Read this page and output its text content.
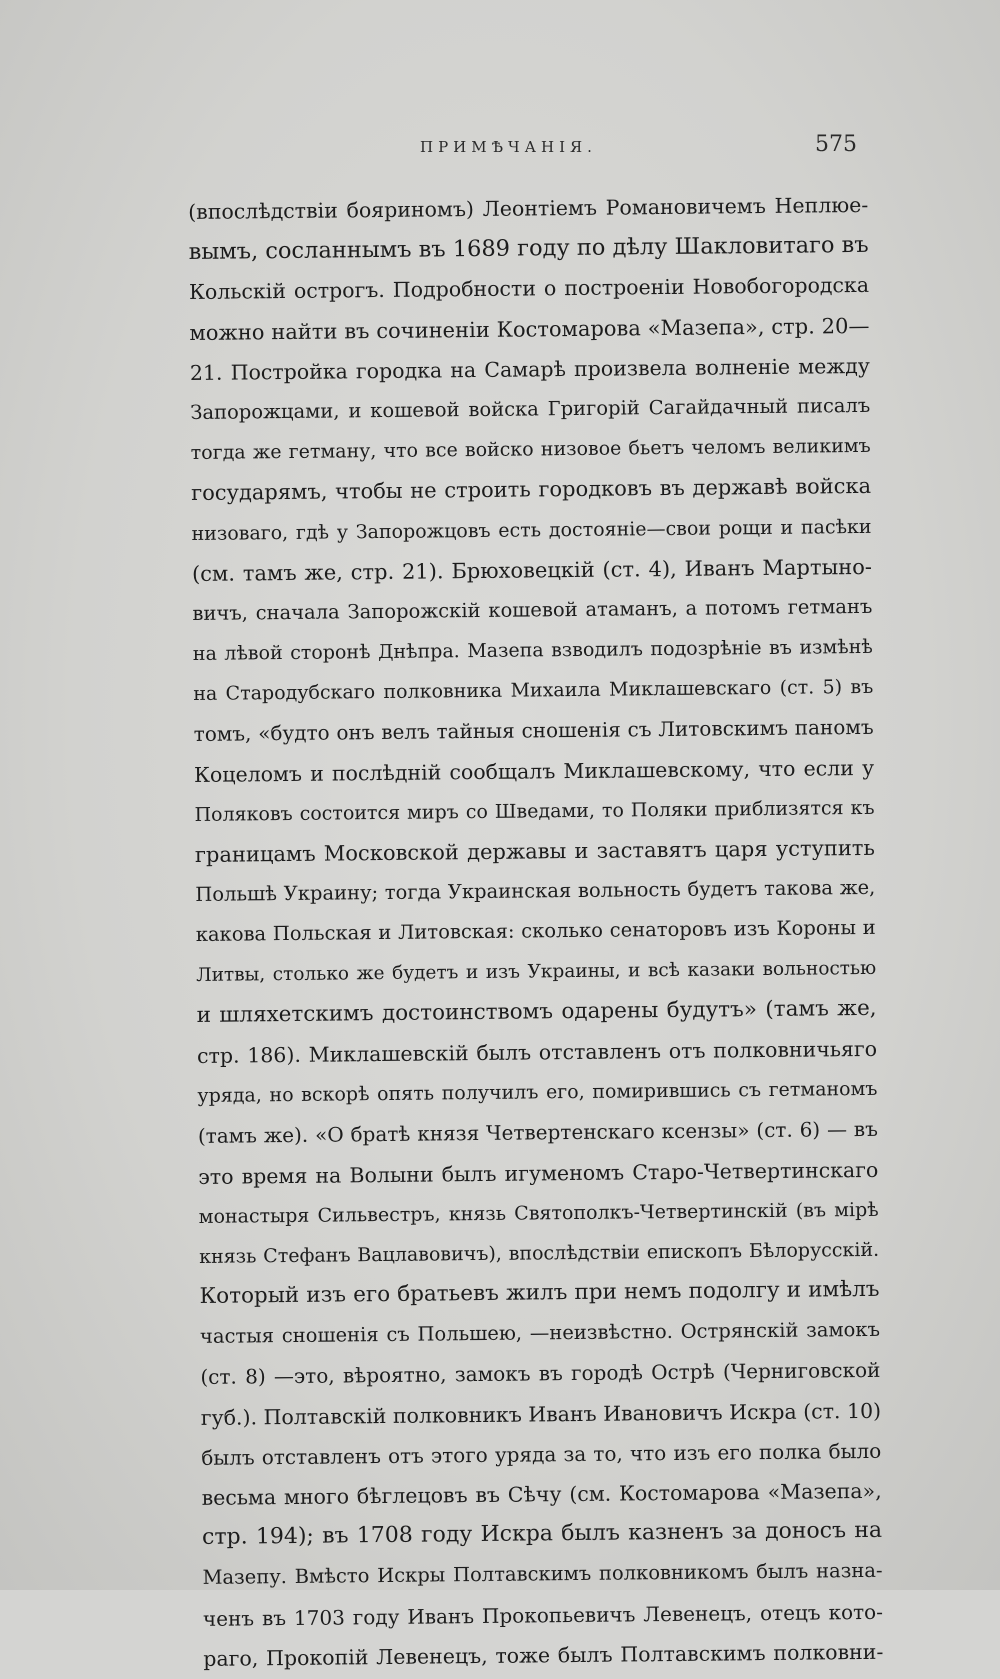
ПРИМѢЧАНІЯ.	575

(впослѣдствіи бояриномъ) Леонтіемъ Романовичемъ Неплюе-

вымъ, сосланнымъ въ 1689 году по дѣлу Шакловитаго въ

Кольскій острогъ. Подробности о построеніи Новобогородска

можно найти въ сочиненіи Костомарова «Мазепа», стр. 20—

21. Постройка городка на Самарѣ произвела волненіе между

Запорожцами, и кошевой войска Григорій Сагайдачный писалъ

тогда же гетману, что все войско низовое бьетъ челомъ великимъ

государямъ, чтобы не строить городковъ въ державѣ войска

низоваго, гдѣ у Запорожцовъ есть достояніе—свои рощи и пасѣки

(см. тамъ же, стр. 21). Брюховецкій (ст. 4), Иванъ Мартыно-

вичъ, сначала Запорожскій кошевой атаманъ, а потомъ гетманъ

на лѣвой сторонѣ Днѣпра. Мазепа взводилъ подозрѣніе въ измѣнѣ

на Стародубскаго полковника Михаила Миклашевскаго (ст. 5) въ

томъ, «будто онъ велъ тайныя сношенія съ Литовскимъ паномъ

Коцеломъ и послѣдній сообщалъ Миклашевскому, что если у

Поляковъ состоится миръ со Шведами, то Поляки приблизятся къ

границамъ Московской державы и заставятъ царя уступить

Польшѣ Украину; тогда Украинская вольность будетъ такова же,

какова Польская и Литовская: сколько сенаторовъ изъ Короны и

Литвы, столько же будетъ и изъ Украины, и всѣ казаки вольностью

и шляхетскимъ достоинствомъ одарены будутъ» (тамъ же,

стр. 186). Миклашевскій былъ отставленъ отъ полковничьяго

уряда, но вскорѣ опять получилъ его, помирившись съ гетманомъ

(тамъ же). «О братѣ князя Четвертенскаго ксензы» (ст. 6) — въ

это время на Волыни былъ игуменомъ Старо-Четвертинскаго

монастыря Сильвестръ, князь Святополкъ-Четвертинскій (въ мірѣ

князь Стефанъ Вацлавовичъ), впослѣдствіи епископъ Бѣлорусскій.

Который изъ его братьевъ жилъ при немъ подолгу и имѣлъ

частыя сношенія съ Польшею, —неизвѣстно. Острянскій замокъ

(ст. 8) —это, вѣроятно, замокъ въ городѣ Острѣ (Черниговской

губ.). Полтавскій полковникъ Иванъ Ивановичъ Искра (ст. 10)

былъ отставленъ отъ этого уряда за то, что изъ его полка было

весьма много бѣглецовъ въ Сѣчу (см. Костомарова «Мазепа»,

стр. 194); въ 1708 году Искра былъ казненъ за доносъ на

Мазепу. Вмѣсто Искры Полтавскимъ полковникомъ былъ назна-

ченъ въ 1703 году Иванъ Прокопьевичъ Левенецъ, отецъ кото-

раго, Прокопій Левенецъ, тоже былъ Полтавскимъ полковни-
